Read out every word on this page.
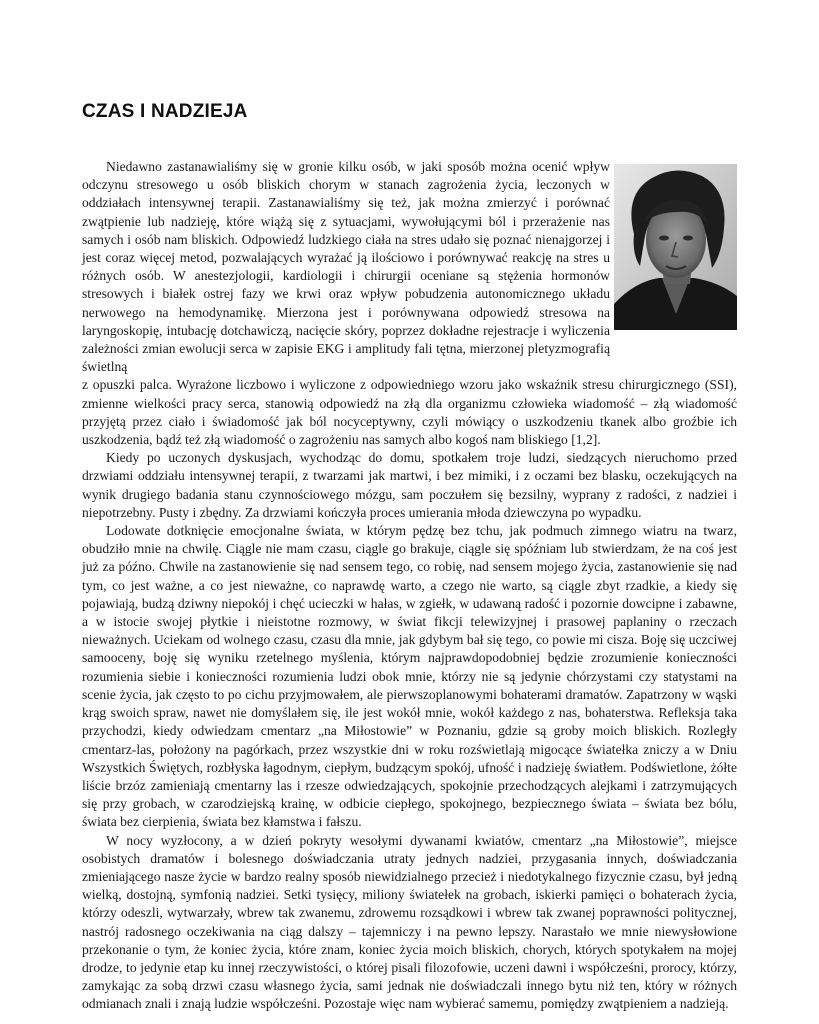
CZAS I NADZIEJA

Niedawno zastanawialiśmy się w gronie kilku osób, w jaki sposób można ocenić wpływ odczynu stresowego u osób bliskich chorym w stanach zagrożenia życia, leczonych w oddziałach intensywnej terapii. Zastanawialiśmy się też, jak można zmierzyć i porównać zwątpienie lub nadzieję, które wiążą się z sytuacjami, wywołującymi ból i przerażenie nas samych i osób nam bliskich. Odpowiedź ludzkiego ciała na stres udało się poznać nienajgorzej i jest coraz więcej metod, pozwalających wyrażać ją ilościowo i porównywać reakcję na stres u różnych osób. W anestezjologii, kardiologii i chirurgii oceniane są stężenia hormonów stresowych i białek ostrej fazy we krwi oraz wpływ pobudzenia autonomicznego układu nerwowego na hemodynamikę. Mierzona jest i porównywana odpowiedź stresowa na laryngoskopię, intubację dotchawiczą, nacięcie skóry, poprzez dokładne rejestracje i wyliczenia zależności zmian ewolucji serca w zapisie EKG i amplitudy fali tętna, mierzonej pletyzmografią świetlną

z opuszki palca. Wyrażone liczbowo i wyliczone z odpowiedniego wzoru jako wskaźnik stresu chirurgicznego (SSI), zmienne wielkości pracy serca, stanowią odpowiedź na złą dla organizmu człowieka wiadomość – złą wiadomość przyjętą przez ciało i świadomość jak ból nocyceptywny, czyli mówiący o uszkodzeniu tkanek albo groźbie ich uszkodzenia, bądź też złą wiadomość o zagrożeniu nas samych albo kogoś nam bliskiego [1,2].

Kiedy po uczonych dyskusjach, wychodząc do domu, spotkałem troje ludzi, siedzących nieruchomo przed drzwiami oddziału intensywnej terapii, z twarzami jak martwi, i bez mimiki, i z oczami bez blasku, oczekujących na wynik drugiego badania stanu czynnościowego mózgu, sam poczułem się bezsilny, wyprany z radości, z nadziei i niepotrzebny. Pusty i zbędny. Za drzwiami kończyła proces umierania młoda dziewczyna po wypadku.

Lodowate dotknięcie emocjonalne świata, w którym pędzę bez tchu, jak podmuch zimnego wiatru na twarz, obudziło mnie na chwilę. Ciągle nie mam czasu, ciągle go brakuje, ciągle się spóźniam lub stwierdzam, że na coś jest już za późno. Chwile na zastanowienie się nad sensem tego, co robię, nad sensem mojego życia, zastanowienie się nad tym, co jest ważne, a co jest nieważne, co naprawdę warto, a czego nie warto, są ciągle zbyt rzadkie, a kiedy się pojawiają, budzą dziwny niepokój i chęć ucieczki w hałas, w zgiełk, w udawaną radość i pozornie dowcipne i zabawne, a w istocie swojej płytkie i nieistotne rozmowy, w świat fikcji telewizyjnej i prasowej paplaniny o rzeczach nieważnych. Uciekam od wolnego czasu, czasu dla mnie, jak gdybym bał się tego, co powie mi cisza. Boję się uczciwej samooceny, boję się wyniku rzetelnego myślenia, którym najprawdopodobniej będzie zrozumienie konieczności rozumienia siebie i konieczności rozumienia ludzi obok mnie, którzy nie są jedynie chórzystami czy statystami na scenie życia, jak często to po cichu przyjmowałem, ale pierwszoplanowymi bohaterami dramatów. Zapatrzony w wąski krąg swoich spraw, nawet nie domyślałem się, ile jest wokół mnie, wokół każdego z nas, bohaterstwa. Refleksja taka przychodzi, kiedy odwiedzam cmentarz „na Miłostowie” w Poznaniu, gdzie są groby moich bliskich. Rozległy cmentarz-las, położony na pagórkach, przez wszystkie dni w roku rozświetlają migocące światełka zniczy a w Dniu Wszystkich Świętych, rozbłyska łagodnym, ciepłym, budzącym spokój, ufność i nadzieję światłem. Podświetlone, żółte liście brzóz zamieniają cmentarny las i rzesze odwiedzających, spokojnie przechodzących alejkami i zatrzymujących się przy grobach, w czarodziejską krainę, w odbicie ciepłego, spokojnego, bezpiecznego świata – świata bez bólu, świata bez cierpienia, świata bez kłamstwa i fałszu.

W nocy wyzłocony, a w dzień pokryty wesołymi dywanami kwiatów, cmentarz „na Miłostowie”, miejsce osobistych dramatów i bolesnego doświadczania utraty jednych nadziei, przygasania innych, doświadczania zmieniającego nasze życie w bardzo realny sposób niewidzialnego przecież i niedotykalnego fizycznie czasu, był jedną wielką, dostojną, symfonią nadziei. Setki tysięcy, miliony światełek na grobach, iskierki pamięci o bohaterach życia, którzy odeszli, wytwarzały, wbrew tak zwanemu, zdrowemu rozsądkowi i wbrew tak zwanej poprawności politycznej, nastrój radosnego oczekiwania na ciąg dalszy – tajemniczy i na pewno lepszy. Narastało we mnie niewysłowione przekonanie o tym, że koniec życia, które znam, koniec życia moich bliskich, chorych, których spotykałem na mojej drodze, to jedynie etap ku innej rzeczywistości, o której pisali filozofowie, uczeni dawni i współcześni, prorocy, którzy, zamykając za sobą drzwi czasu własnego życia, sami jednak nie doświadczali innego bytu niż ten, który w różnych odmianach znali i znają ludzie współcześni. Pozostaje więc nam wybierać samemu, pomiędzy zwątpieniem a nadzieją.
